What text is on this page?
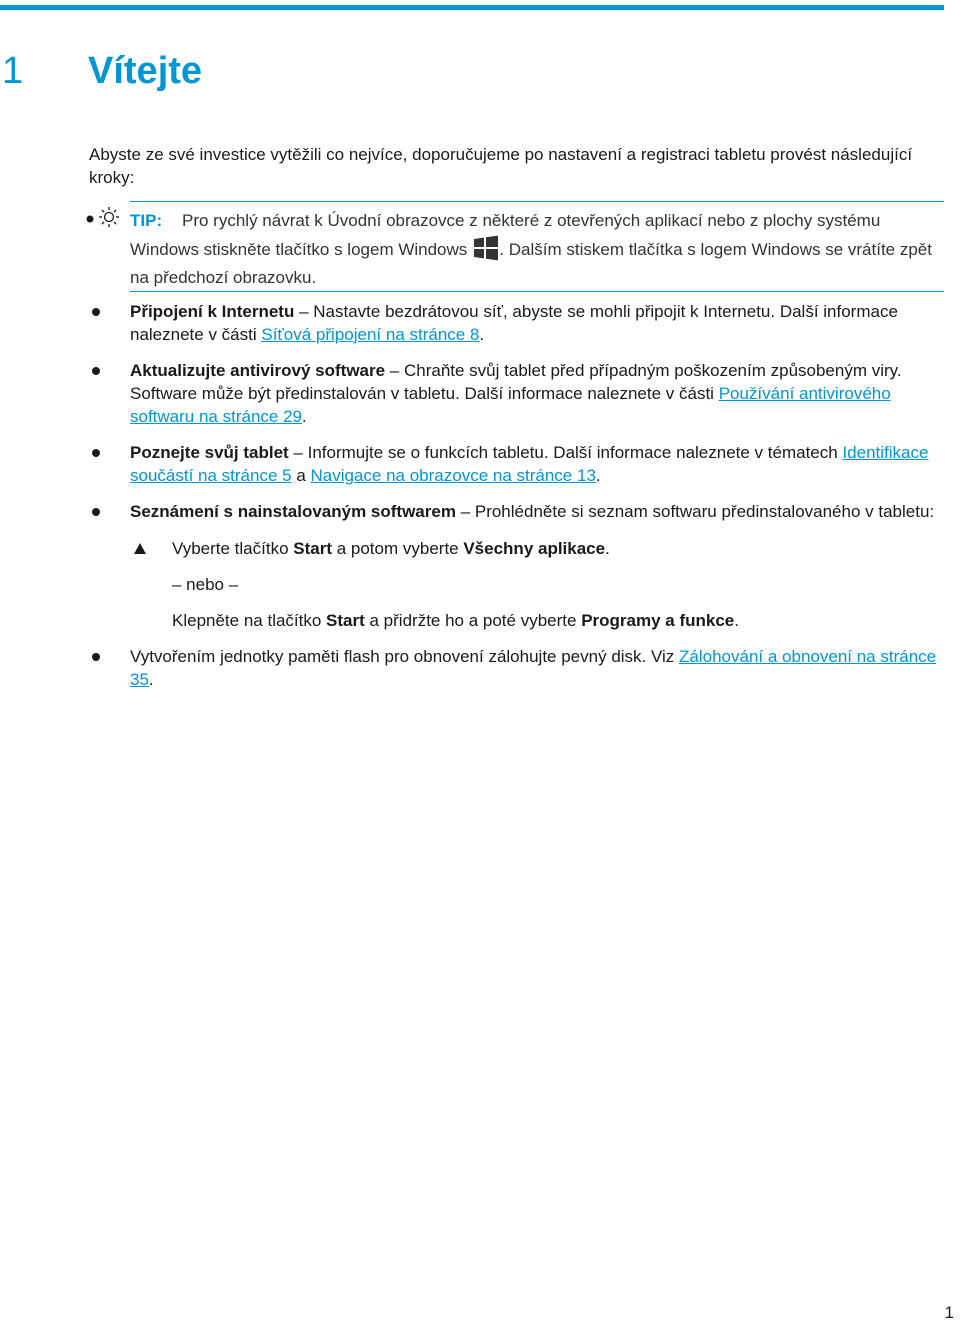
1 Vítejte

Abyste ze své investice vytěžili co nejvíce, doporučujeme po nastavení a registraci tabletu provést následující kroky:

TIP: Pro rychlý návrat k Úvodní obrazovce z některé z otevřených aplikací nebo z plochy systému Windows stiskněte tlačítko s logem Windows . Dalším stiskem tlačítka s logem Windows se vrátíte zpět na předchozí obrazovku.
Připojení k Internetu – Nastavte bezdrátovou síť, abyste se mohli připojit k Internetu. Další informace naleznete v části Síťová připojení na stránce 8.
Aktualizujte antivirový software – Chraňte svůj tablet před případným poškozením způsobeným viry. Software může být předinstalován v tabletu. Další informace naleznete v části Používání antivirového softwaru na stránce 29.
Poznejte svůj tablet – Informujte se o funkcích tabletu. Další informace naleznete v tématech Identifikace součástí na stránce 5 a Navigace na obrazovce na stránce 13.
Seznámení s nainstalovaným softwarem – Prohlédněte si seznam softwaru předinstalovaného v tabletu:
Vyberte tlačítko Start a potom vyberte Všechny aplikace.
– nebo –
Klepněte na tlačítko Start a přidržte ho a poté vyberte Programy a funkce.
Vytvořením jednotky paměti flash pro obnovení zálohujte pevný disk. Viz Zálohování a obnovení na stránce 35.
1
